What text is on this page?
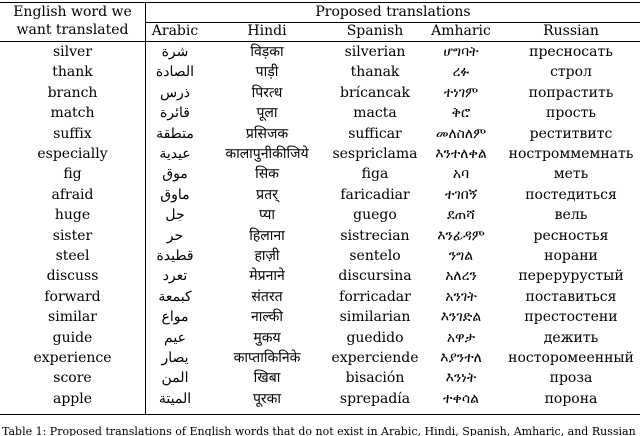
English word we
want translated
Proposed translations
Arabic	Hindi	Spanish	Amharic	Russian
silver	شرة	विड़का	silverian	ሆግባት	пресносать
thank	الصادة	पाड़ी	thanak	ረፉ	строл
branch	ذرس	पिरत्ध	brícancak	ተነገም	попрастить
match	قائرة	पूला	macta	ቅሮ	прость
suffix	متطقة	प्रसिजक	sufficar	መለስለም	реститвитс
especially	عيدية	कालापुनीकीजिये	sespriclama	እንተለቀል	ностроммемнать
fig	موق	सिक	figa	አባ	меть
afraid	ماوق	प्रतर्	faricadiar	ተገበኝ	постедиться
huge	جل	प्या	guego	ደጠሻ	вель
sister	حر	हिलाना	sistrecian	እንፊዳም	ресностья
steel	قطيدة	हाज़ी	sentelo	ንግል	норани
discuss	تعرد	मेप्रनाने	discursina	አለረን	перерурустый
forward	كبمعة	संतरत	forricadar	አንገት	поставиться
similar	مواع	नाल्की	similarian	እንገድል	престостени
guide	عيم	मुकय	guedido	አዋታ	дежить
experience	يصار	काप्ताकिनिके	experciende	እያንተለ	носторомеенный
score	المن	खिबा	bisación	እንነት	проза
apple	الميتة	पूरका	sprepadía	ተቀሳል	порона
Table 1: Proposed translations of English words that do not exist in Arabic, Hindi, Spanish, Amharic, and Russian
